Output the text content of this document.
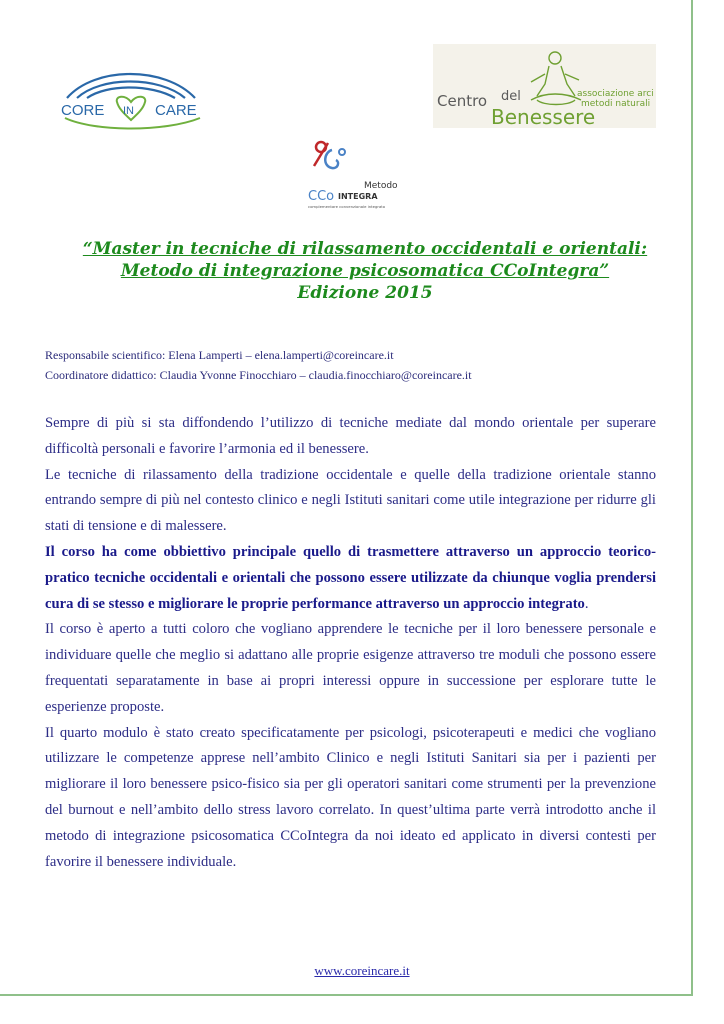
CORE IN CARE
Centro del
Benessere
associazione arci
metodi naturali
Metodo
CCo INTEGRA
complementare convenzionale integrato
“Master in tecniche di rilassamento occidentali e orientali:
Metodo di integrazione psicosomatica CCoIntegra”
Edizione 2015
Responsabile scientifico: Elena Lamperti – elena.lamperti@coreincare.it
Coordinatore didattico: Claudia Yvonne Finocchiaro – claudia.finocchiaro@coreincare.it

Sempre di più si sta diffondendo l’utilizzo di tecniche mediate dal mondo orientale per superare difficoltà personali e favorire l’armonia ed il benessere.

Le tecniche di rilassamento della tradizione occidentale e quelle della tradizione orientale stanno entrando sempre di più nel contesto clinico e negli Istituti sanitari come utile integrazione per ridurre gli stati di tensione e di malessere.

Il corso ha come obbiettivo principale quello di trasmettere attraverso un approccio teorico-pratico tecniche occidentali e orientali che possono essere utilizzate da chiunque voglia prendersi cura di se stesso e migliorare le proprie performance attraverso un approccio integrato.

Il corso è aperto a tutti coloro che vogliano apprendere le tecniche per il loro benessere personale e individuare quelle che meglio si adattano alle proprie esigenze attraverso tre moduli che possono essere frequentati separatamente in base ai propri interessi oppure in successione per esplorare tutte le esperienze proposte.

Il quarto modulo è stato creato specificatamente per psicologi, psicoterapeuti e medici che vogliano utilizzare le competenze apprese nell’ambito Clinico e negli Istituti Sanitari sia per i pazienti per migliorare il loro benessere psico-fisico sia per gli operatori sanitari come strumenti per la prevenzione del burnout e nell’ambito dello stress lavoro correlato. In quest’ultima parte verrà introdotto anche il metodo di integrazione psicosomatica CCoIntegra da noi ideato ed applicato in diversi contesti per favorire il benessere individuale.

www.coreincare.it
